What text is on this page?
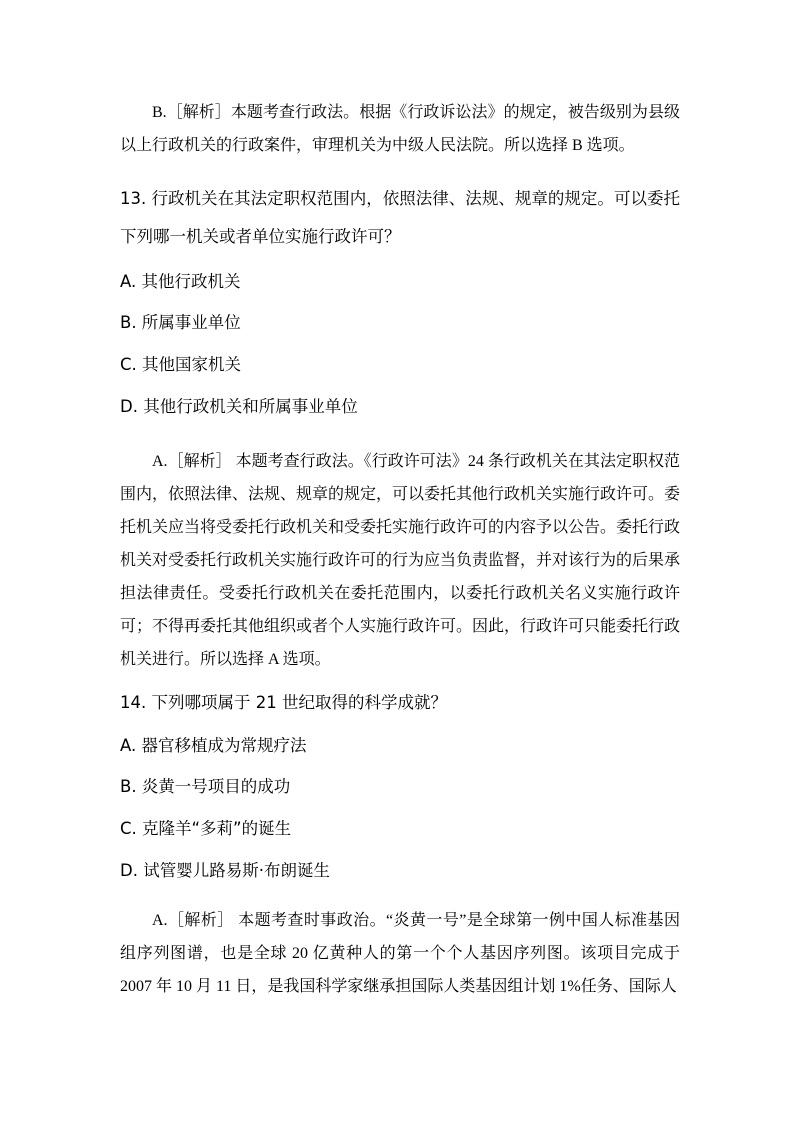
B.［解析］本题考查行政法。根据《行政诉讼法》的规定，被告级别为县级以上行政机关的行政案件，审理机关为中级人民法院。所以选择 B 选项。

13. 行政机关在其法定职权范围内，依照法律、法规、规章的规定。可以委托下列哪一机关或者单位实施行政许可？

A. 其他行政机关

B. 所属事业单位

C. 其他国家机关

D. 其他行政机关和所属事业单位

A.［解析］ 本题考查行政法。《行政许可法》24 条行政机关在其法定职权范围内，依照法律、法规、规章的规定，可以委托其他行政机关实施行政许可。委托机关应当将受委托行政机关和受委托实施行政许可的内容予以公告。委托行政机关对受委托行政机关实施行政许可的行为应当负责监督，并对该行为的后果承担法律责任。受委托行政机关在委托范围内，以委托行政机关名义实施行政许可；不得再委托其他组织或者个人实施行政许可。因此，行政许可只能委托行政机关进行。所以选择 A 选项。

14. 下列哪项属于 21 世纪取得的科学成就？

A. 器官移植成为常规疗法

B. 炎黄一号项目的成功

C. 克隆羊“多莉”的诞生

D. 试管婴儿路易斯·布朗诞生

A.［解析］ 本题考查时事政治。“炎黄一号”是全球第一例中国人标准基因组序列图谱，也是全球 20 亿黄种人的第一个个人基因序列图。该项目完成于 2007 年 10 月 11 日，是我国科学家继承担国际人类基因组计划 1%任务、国际人
